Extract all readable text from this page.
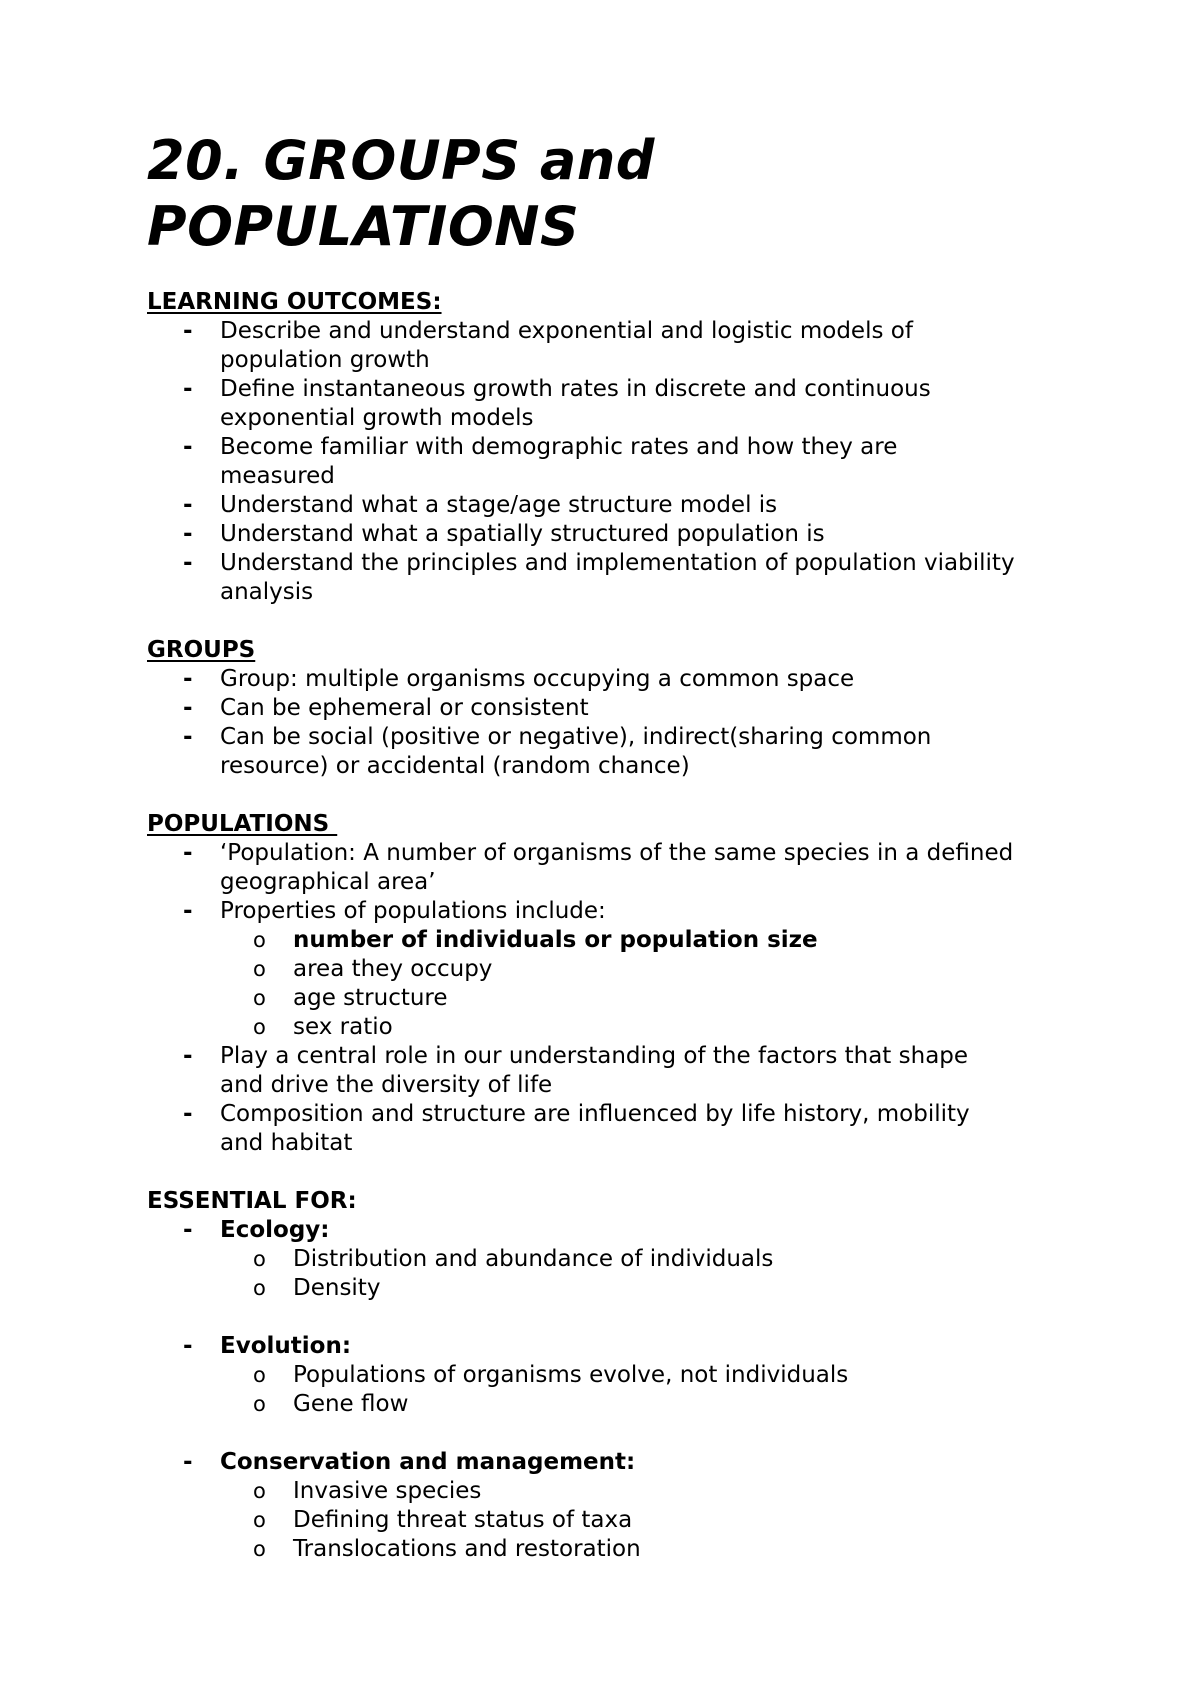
20. GROUPS and
POPULATIONS

LEARNING OUTCOMES:

- Describe and understand exponential and logistic models of
population growth
- Define instantaneous growth rates in discrete and continuous
exponential growth models
- Become familiar with demographic rates and how they are
measured
- Understand what a stage/age structure model is
- Understand what a spatially structured population is
- Understand the principles and implementation of population viability
analysis

GROUPS

- Group: multiple organisms occupying a common space
- Can be ephemeral or consistent
- Can be social (positive or negative), indirect(sharing common
resource) or accidental (random chance)

POPULATIONS

- ‘Population: A number of organisms of the same species in a defined
geographical area’
- Properties of populations include:
o number of individuals or population size
o area they occupy
o age structure
o sex ratio
- Play a central role in our understanding of the factors that shape
and drive the diversity of life
- Composition and structure are influenced by life history, mobility
and habitat

ESSENTIAL FOR:

- Ecology:
o Distribution and abundance of individuals
o Density
- Evolution:
o Populations of organisms evolve, not individuals
o Gene flow
- Conservation and management:
o Invasive species
o Defining threat status of taxa
o Translocations and restoration
